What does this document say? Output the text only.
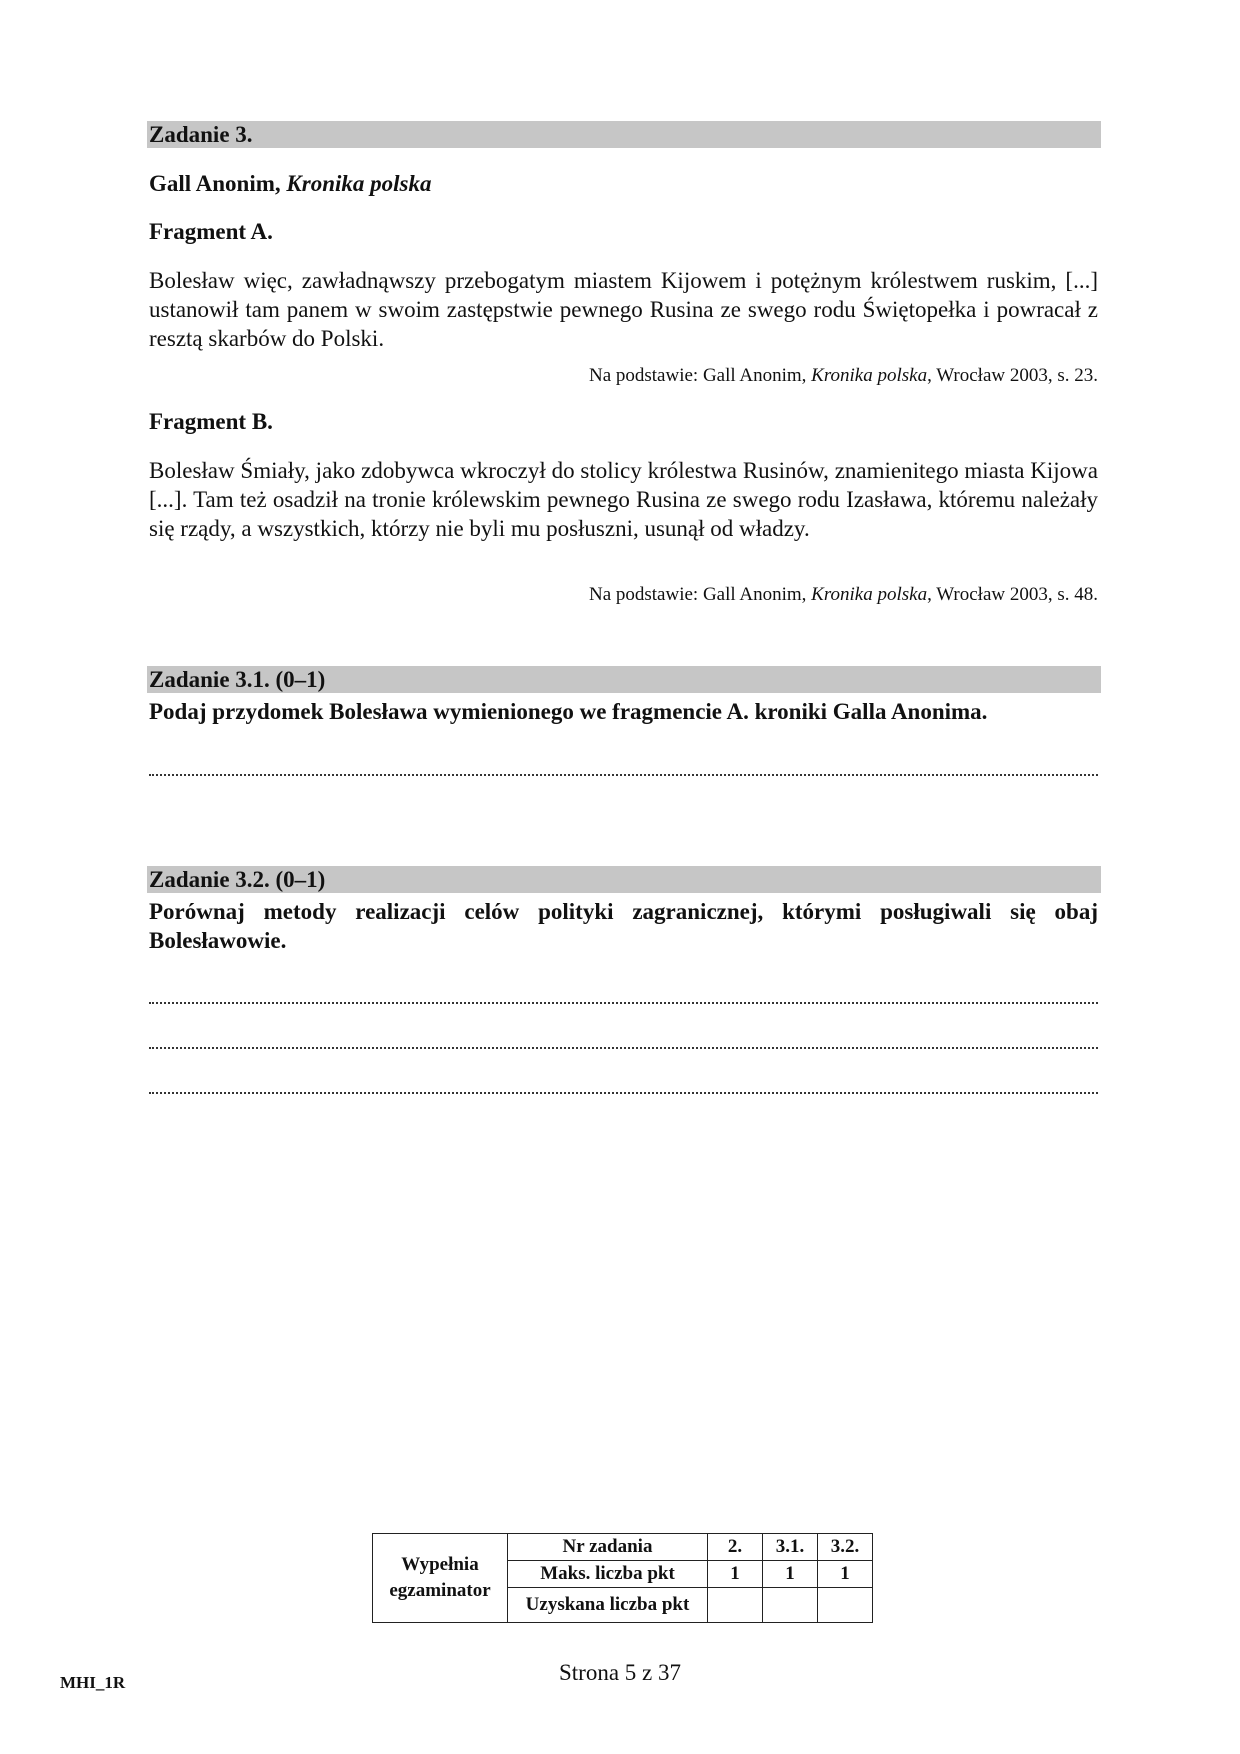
Zadanie 3.
Gall Anonim, Kronika polska
Fragment A.

Bolesław więc, zawładnąwszy przebogatym miastem Kijowem i potężnym królestwem ruskim, [...] ustanowił tam panem w swoim zastępstwie pewnego Rusina ze swego rodu Świętopełka i powracał z resztą skarbów do Polski.

Na podstawie: Gall Anonim, Kronika polska, Wrocław 2003, s. 23.
Fragment B.

Bolesław Śmiały, jako zdobywca wkroczył do stolicy królestwa Rusinów, znamienitego miasta Kijowa [...]. Tam też osadził na tronie królewskim pewnego Rusina ze swego rodu Izasława, któremu należały się rządy, a wszystkich, którzy nie byli mu posłuszni, usunął od władzy.

Na podstawie: Gall Anonim, Kronika polska, Wrocław 2003, s. 48.
Zadanie 3.1. (0–1)

Podaj przydomek Bolesława wymienionego we fragmencie A. kroniki Galla Anonima.

Zadanie 3.2. (0–1)

Porównaj metody realizacji celów polityki zagranicznej, którymi posługiwali się obaj Bolesławowie.

Wypełnia
egzaminator	Nr zadania	2.	3.1.	3.2.
	Maks. liczba pkt	1	1	1
	Uzyskana liczba pkt			
MHI_1R	Strona 5 z 37
